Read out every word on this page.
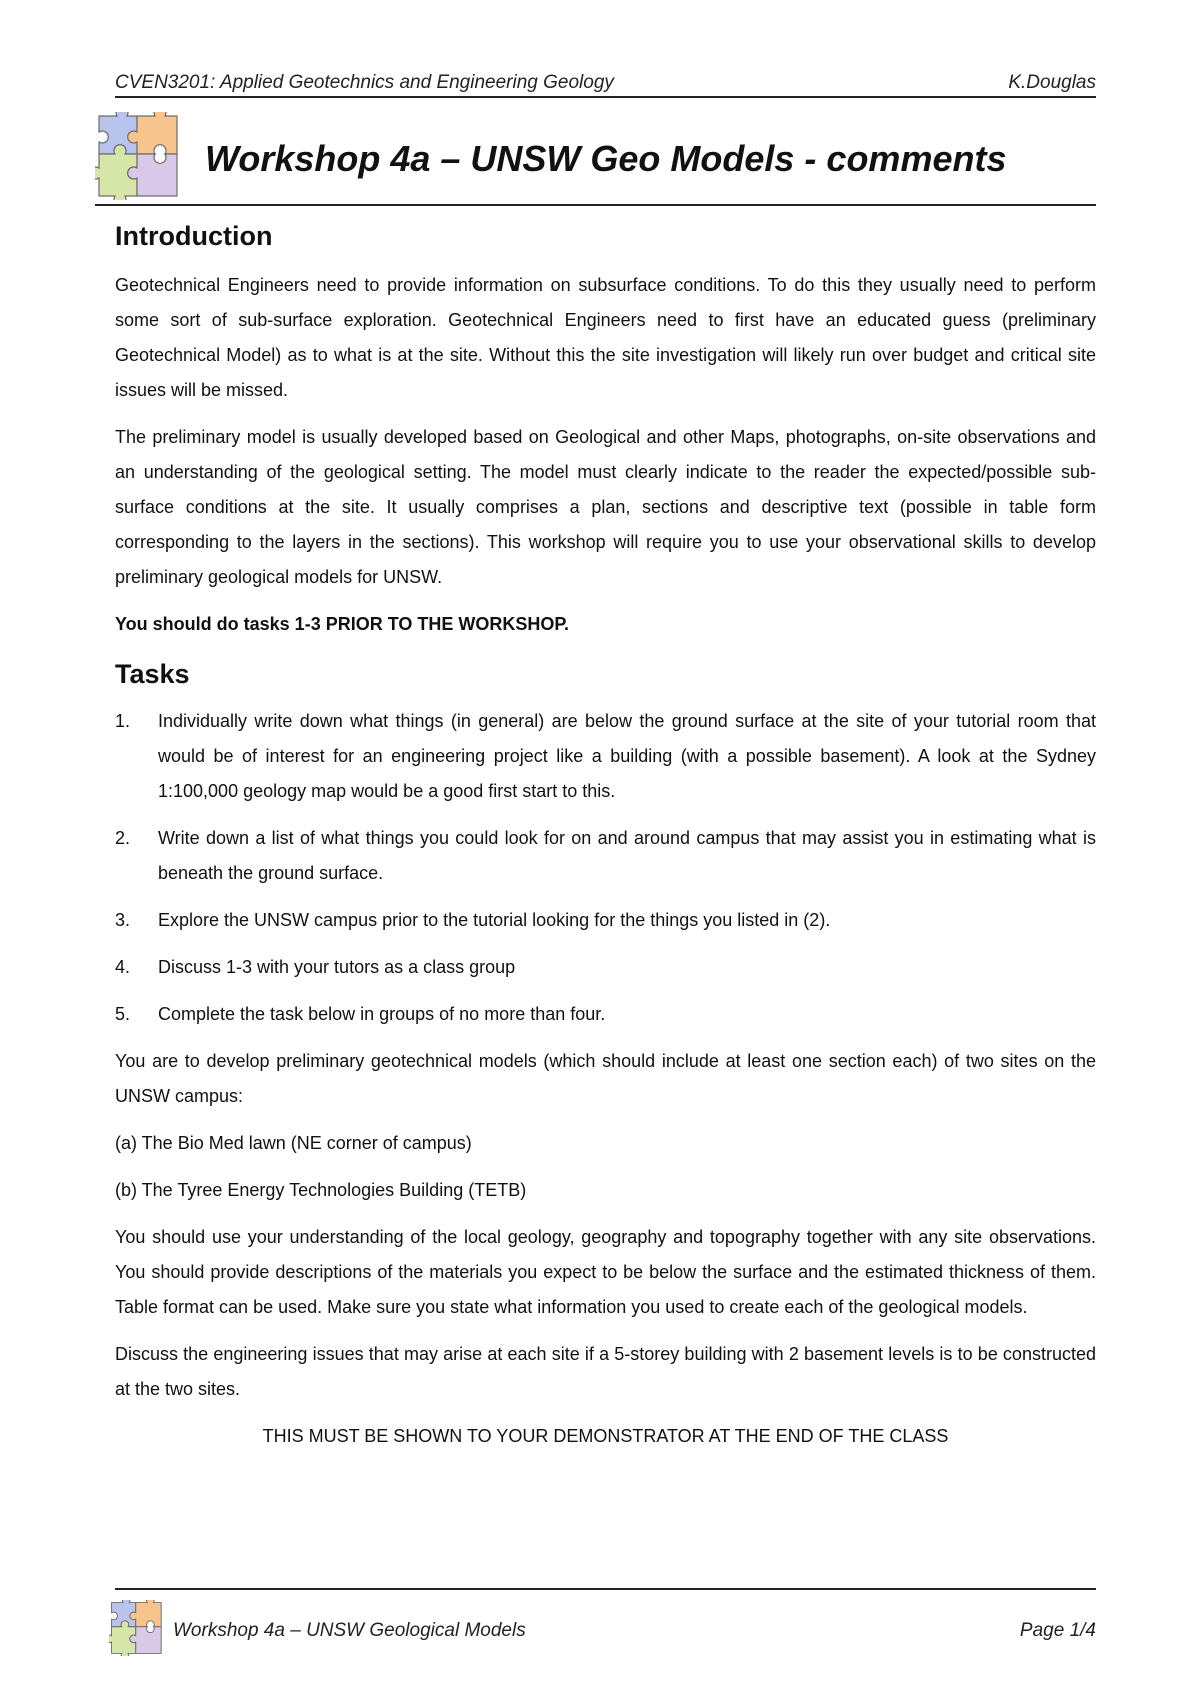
CVEN3201: Applied Geotechnics and Engineering Geology	K.Douglas
Workshop 4a – UNSW Geo Models - comments
Introduction

Geotechnical Engineers need to provide information on subsurface conditions. To do this they usually need to perform some sort of sub-surface exploration. Geotechnical Engineers need to first have an educated guess (preliminary Geotechnical Model) as to what is at the site. Without this the site investigation will likely run over budget and critical site issues will be missed.

The preliminary model is usually developed based on Geological and other Maps, photographs, on-site observations and an understanding of the geological setting. The model must clearly indicate to the reader the expected/possible sub-surface conditions at the site. It usually comprises a plan, sections and descriptive text (possible in table form corresponding to the layers in the sections). This workshop will require you to use your observational skills to develop preliminary geological models for UNSW.

You should do tasks 1-3 PRIOR TO THE WORKSHOP.

Tasks
1. Individually write down what things (in general) are below the ground surface at the site of your tutorial room that would be of interest for an engineering project like a building (with a possible basement). A look at the Sydney 1:100,000 geology map would be a good first start to this.
2. Write down a list of what things you could look for on and around campus that may assist you in estimating what is beneath the ground surface.
3. Explore the UNSW campus prior to the tutorial looking for the things you listed in (2).
4. Discuss 1-3 with your tutors as a class group
5. Complete the task below in groups of no more than four.

You are to develop preliminary geotechnical models (which should include at least one section each) of two sites on the UNSW campus:

(a) The Bio Med lawn (NE corner of campus)
(b) The Tyree Energy Technologies Building (TETB)

You should use your understanding of the local geology, geography and topography together with any site observations. You should provide descriptions of the materials you expect to be below the surface and the estimated thickness of them. Table format can be used. Make sure you state what information you used to create each of the geological models.

Discuss the engineering issues that may arise at each site if a 5-storey building with 2 basement levels is to be constructed at the two sites.

THIS MUST BE SHOWN TO YOUR DEMONSTRATOR AT THE END OF THE CLASS
Workshop 4a – UNSW Geological Models	Page 1/4
